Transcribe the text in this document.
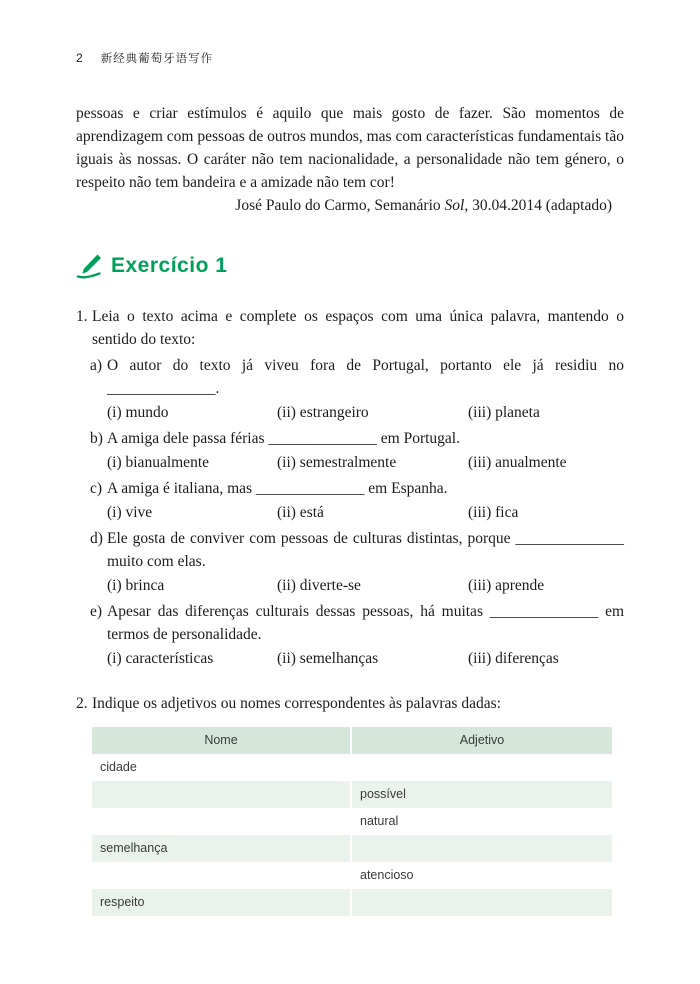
2 新经典葡萄牙语写作

pessoas e criar estímulos é aquilo que mais gosto de fazer. São momentos de aprendizagem com pessoas de outros mundos, mas com características fundamentais tão iguais às nossas. O caráter não tem nacionalidade, a personalidade não tem género, o respeito não tem bandeira e a amizade não tem cor!

José Paulo do Carmo, Semanário Sol, 30.04.2014 (adaptado)

Exercício 1
1. Leia o texto acima e complete os espaços com uma única palavra, mantendo o sentido do texto:
a) O autor do texto já viveu fora de Portugal, portanto ele já residiu no
______________.
(i) mundo	(ii) estrangeiro	(iii) planeta
b) A amiga dele passa férias ______________ em Portugal.
(i) bianualmente	(ii) semestralmente	(iii) anualmente
c) A amiga é italiana, mas ______________ em Espanha.
(i) vive	(ii) está	(iii) fica
d) Ele gosta de conviver com pessoas de culturas distintas, porque ______________
muito com elas.
(i) brinca	(ii) diverte-se	(iii) aprende
e) Apesar das diferenças culturais dessas pessoas, há muitas ______________ em
termos de personalidade.
(i) características	(ii) semelhanças	(iii) diferenças
2. Indique os adjetivos ou nomes correspondentes às palavras dadas:
Nome	Adjetivo
cidade	
	possível
	natural
semelhança	
	atencioso
respeito	
